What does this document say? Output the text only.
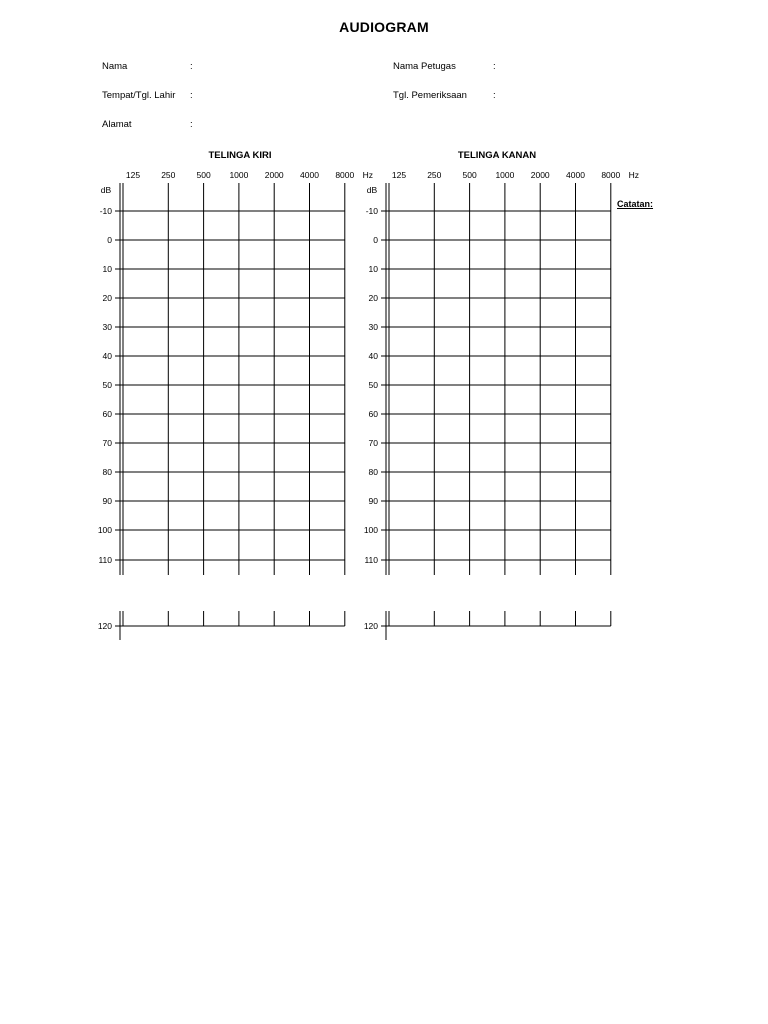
AUDIOGRAM
Nama	:
Tempat/Tgl. Lahir :
Alamat	:
Nama Petugas	:
Tgl. Pemeriksaan	:
TELINGA KIRI	TELINGA KANAN
Catatan:
125 250 500 1000 2000 4000 8000 Hz
dB
-10
0
10
20
30
40
50
60
70
80
90
100
110
120
125 250 500 1000 2000 4000 8000 Hz
dB
-10
0
10
20
30
40
50
60
70
80
90
100
110
120
